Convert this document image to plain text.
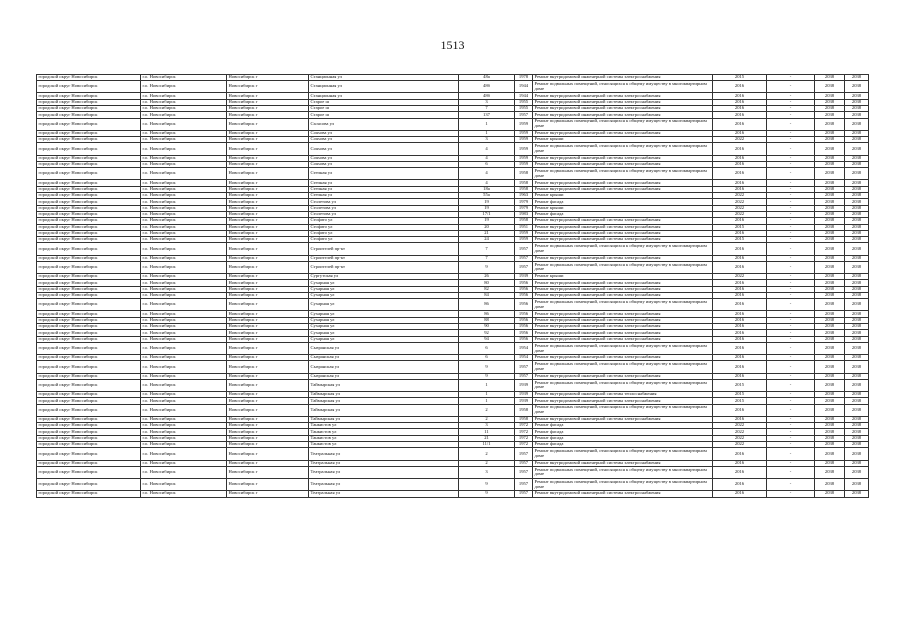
1513
городской округ Новосибирск	г.о. Новосибирск	Новосибирск г	Станционная ул	48а	1978	Ремонт внутридомовой инженерной системы электроснабжения	2015	-	2038	2038
городской округ Новосибирск	г.о. Новосибирск	Новосибирск г	Станционная ул	48б	1944	Ремонт подвальных помещений, относящихся к общему имуществу в многоквартирном доме	2016	-	2038	2038
городской округ Новосибирск	г.о. Новосибирск	Новосибирск г	Станционная ул	48б	1944	Ремонт внутридомовой инженерной системы электроснабжения	2016	-	2038	2038
городской округ Новосибирск	г.о. Новосибирск	Новосибирск г	Старое ш	3	1955	Ремонт внутридомовой инженерной системы электроснабжения	2016	-	2038	2038
городской округ Новосибирск	г.о. Новосибирск	Новосибирск г	Старое ш	7	1955	Ремонт внутридомовой инженерной системы электроснабжения	2016	-	2038	2038
городской округ Новосибирск	г.о. Новосибирск	Новосибирск г	Старое ш	137	1957	Ремонт внутридомовой инженерной системы электроснабжения	2016	-	2038	2038
городской округ Новосибирск	г.о. Новосибирск	Новосибирск г	Сsouсова ул	1	1959	Ремонт подвальных помещений, относящихся к общему имуществу в многоквартирном доме	2016	-	2038	2038
городской округ Новосибирск	г.о. Новосибирск	Новосибирск г	Сousова ул	1	1959	Ремонт внутридомовой инженерной системы электроснабжения	2016	-	2038	2038
городской округ Новосибирск	г.о. Новосибирск	Новосибирск г	Сousова ул	3	1959	Ремонт крыши	2022	-	2038	2038
городской округ Новосибирск	г.о. Новосибирск	Новосибирск г	Сousова ул	4	1959	Ремонт подвальных помещений, относящихся к общему имуществу в многоквартирном доме	2016	-	2038	2038
городской округ Новосибирск	г.о. Новосибирск	Новосибирск г	Сousова ул	4	1959	Ремонт внутридомовой инженерной системы электроснабжения	2016	-	2038	2038
городской округ Новосибирск	г.о. Новосибирск	Новосибирск г	Сousова ул	6	1959	Ремонт внутридомовой инженерной системы электроснабжения	2016	-	2038	2038
городской округ Новосибирск	г.о. Новосибирск	Новосибирск г	Степная ул	4	1958	Ремонт подвальных помещений, относящихся к общему имуществу в многоквартирном доме	2016	-	2038	2038
городской округ Новосибирск	г.о. Новосибирск	Новосибирск г	Степная ул	4	1958	Ремонт внутридомовой инженерной системы электроснабжения	2016	-	2038	2038
городской округ Новосибирск	г.о. Новосибирск	Новосибирск г	Степная ул	18а	1958	Ремонт внутридомовой инженерной системы электроснабжения	2016	-	2038	2038
городской округ Новосибирск	г.о. Новосибирск	Новосибирск г	Степная ул	55а	1963	Ремонт крыши	2022	-	2038	2038
городской округ Новосибирск	г.о. Новосибирск	Новосибирск г	Столетова ул	19	1979	Ремонт фасада	2022	-	2038	2038
городской округ Новосибирск	г.о. Новосибирск	Новосибирск г	Столетова ул	19	1979	Ремонт крыши	2022	-	2038	2038
городской округ Новосибирск	г.о. Новосибирск	Новосибирск г	Столетова ул	17/1	1983	Ремонт фасада	2022	-	2038	2038
городской округ Новосибирск	г.о. Новосибирск	Новосибирск г	Стофато ул	19	1958	Ремонт внутридомовой инженерной системы электроснабжения	2016	-	2038	2038
городской округ Новосибирск	г.о. Новосибирск	Новосибирск г	Стофато ул	20	1951	Ремонт внутридомовой инженерной системы электроснабжения	2015	-	2038	2038
городской округ Новосибирск	г.о. Новосибирск	Новосибирск г	Стофато ул	21	1959	Ремонт внутридомовой инженерной системы электроснабжения	2016	-	2038	2038
городской округ Новосибирск	г.о. Новосибирск	Новосибирск г	Стофато ул	24	1959	Ремонт внутридомовой инженерной системы электроснабжения	2015	-	2038	2038
городской округ Новосибирск	г.о. Новосибирск	Новосибирск г	Строителей пр-кт	7	1957	Ремонт подвальных помещений, относящихся к общему имуществу в многоквартирном доме	2016	-	2038	2038
городской округ Новосибирск	г.о. Новосибирск	Новосибирск г	Строителей пр-кт	7	1957	Ремонт внутридомовой инженерной системы электроснабжения	2016	-	2038	2038
городской округ Новосибирск	г.о. Новосибирск	Новосибирск г	Строителей пр-кт	9	1957	Ремонт подвальных помещений, относящихся к общему имуществу в многоквартирном доме	2016	-	2038	2038
городской округ Новосибирск	г.о. Новосибирск	Новосибирск г	Сургутская ул	26	1939	Ремонт крыши	2022	-	2038	2038
городской округ Новосибирск	г.о. Новосибирск	Новосибирск г	Сухарная ул	80	1956	Ремонт внутридомовой инженерной системы электроснабжения	2016	-	2038	2038
городской округ Новосибирск	г.о. Новосибирск	Новосибирск г	Сухарная ул	82	1956	Ремонт внутридомовой инженерной системы электроснабжения	2016	-	2038	2038
городской округ Новосибирск	г.о. Новосибирск	Новосибирск г	Сухарная ул	84	1956	Ремонт внутридомовой инженерной системы электроснабжения	2016	-	2038	2038
городской округ Новосибирск	г.о. Новосибирск	Новосибирск г	Сухарная ул	86	1956	Ремонт подвальных помещений, относящихся к общему имуществу в многоквартирном доме	2016	-	2038	2038
городской округ Новосибирск	г.о. Новосибирск	Новосибирск г	Сухарная ул	86	1956	Ремонт внутридомовой инженерной системы электроснабжения	2016	-	2038	2038
городской округ Новосибирск	г.о. Новосибирск	Новосибирск г	Сухарная ул	88	1956	Ремонт внутридомовой инженерной системы электроснабжения	2016	-	2038	2038
городской округ Новосибирск	г.о. Новосибирск	Новосибирск г	Сухарная ул	90	1956	Ремонт внутридомовой инженерной системы электроснабжения	2016	-	2038	2038
городской округ Новосибирск	г.о. Новосибирск	Новосибирск г	Сухарная ул	92	1956	Ремонт внутридомовой инженерной системы электроснабжения	2016	-	2038	2038
городской округ Новосибирск	г.о. Новосибирск	Новосибирск г	Сухарная ул	94	1956	Ремонт внутридомовой инженерной системы электроснабжения	2016	-	2038	2038
городской округ Новосибирск	г.о. Новосибирск	Новосибирск г	Сызранская ул	6	1954	Ремонт подвальных помещений, относящихся к общему имуществу в многоквартирном доме	2016	-	2038	2038
городской округ Новосибирск	г.о. Новосибирск	Новосибирск г	Сызранская ул	6	1954	Ремонт внутридомовой инженерной системы электроснабжения	2016	-	2038	2038
городской округ Новосибирск	г.о. Новосибирск	Новосибирск г	Сызранская ул	9	1957	Ремонт подвальных помещений, относящихся к общему имуществу в многоквартирном доме	2016	-	2038	2038
городской округ Новосибирск	г.о. Новосибирск	Новосибирск г	Сызранская ул	9	1957	Ремонт внутридомовой инженерной системы электроснабжения	2016	-	2038	2038
городской округ Новосибирск	г.о. Новосибирск	Новосибирск г	Таймырская ул	1	1939	Ремонт подвальных помещений, относящихся к общему имуществу в многоквартирном доме	2015	-	2038	2038
городской округ Новосибирск	г.о. Новосибирск	Новосибирск г	Таймырская ул	1	1939	Ремонт внутридомовой инженерной системы теплоснабжения	2015	-	2038	2038
городской округ Новосибирск	г.о. Новосибирск	Новосибирск г	Таймырская ул	1	1939	Ремонт внутридомовой инженерной системы электроснабжения	2015	-	2038	2038
городской округ Новосибирск	г.о. Новосибирск	Новосибирск г	Таймырская ул	2	1958	Ремонт подвальных помещений, относящихся к общему имуществу в многоквартирном доме	2016	-	2038	2038
городской округ Новосибирск	г.о. Новосибирск	Новосибирск г	Таймырская ул	2	1958	Ремонт внутридомовой инженерной системы электроснабжения	2016	-	2038	2038
городской округ Новосибирск	г.о. Новосибирск	Новосибирск г	Танкистов ул	3	1972	Ремонт фасада	2022	-	2038	2038
городской округ Новосибирск	г.о. Новосибирск	Новосибирск г	Танкистов ул	11	1972	Ремонт фасада	2022	-	2038	2038
городской округ Новосибирск	г.о. Новосибирск	Новосибирск г	Танкистов ул	21	1972	Ремонт фасада	2022	-	2038	2038
городской округ Новосибирск	г.о. Новосибирск	Новосибирск г	Танкистов ул	11/1	1972	Ремонт фасада	2022	-	2038	2038
городской округ Новосибирск	г.о. Новосибирск	Новосибирск г	Театральная ул	2	1957	Ремонт подвальных помещений, относящихся к общему имуществу в многоквартирном доме	2016	-	2038	2038
городской округ Новосибирск	г.о. Новосибирск	Новосибирск г	Театральная ул	2	1957	Ремонт внутридомовой инженерной системы электроснабжения	2016	-	2038	2038
городской округ Новосибирск	г.о. Новосибирск	Новосибирск г	Театральная ул	3	1957	Ремонт подвальных помещений, относящихся к общему имуществу в многоквартирном доме	2016	-	2038	2038
городской округ Новосибирск	г.о. Новосибирск	Новосибирск г	Театральная ул	9	1957	Ремонт подвальных помещений, относящихся к общему имуществу в многоквартирном доме	2016	-	2038	2038
городской округ Новосибирск	г.о. Новосибирск	Новосибирск г	Театральная ул	9	1957	Ремонт внутридомовой инженерной системы электроснабжения	2016	-	2038	2038
